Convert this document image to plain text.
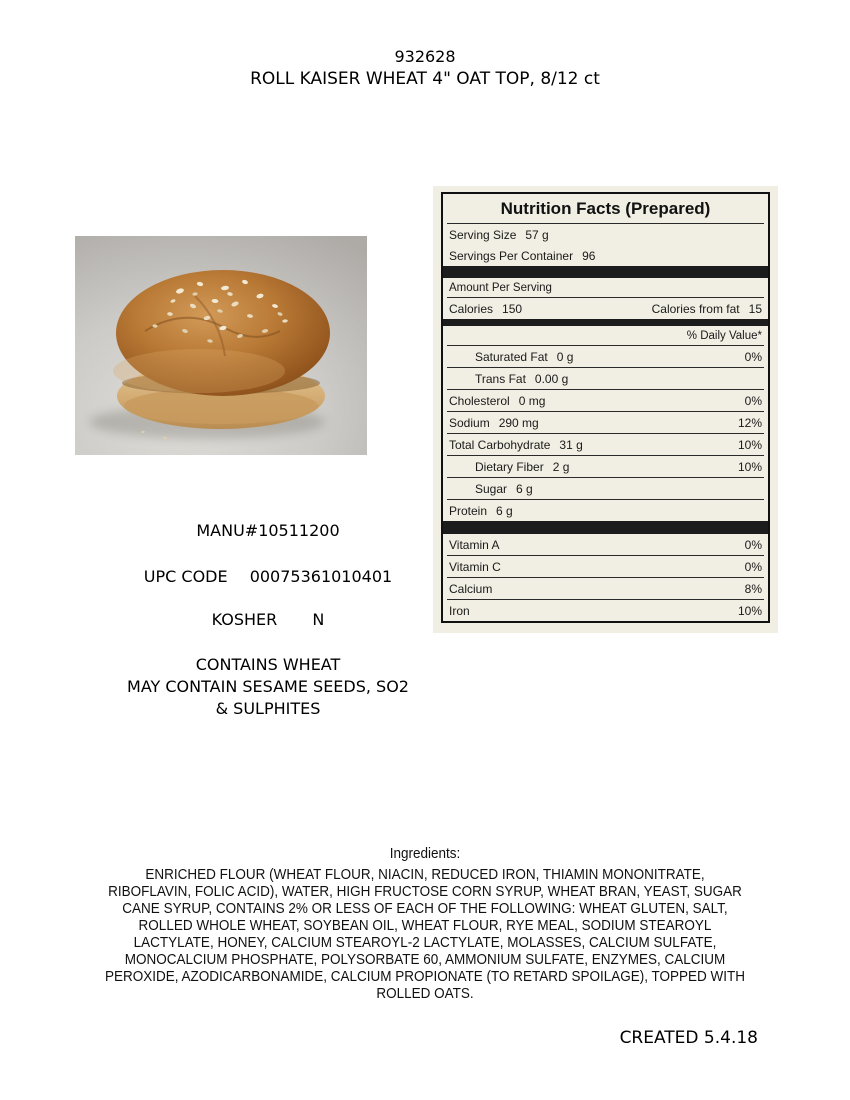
932628
ROLL KAISER WHEAT 4" OAT TOP, 8/12 ct
Nutrition Facts (Prepared)
Serving Size 57 g
Servings Per Container 96
Amount Per Serving
Calories 150	Calories from fat 15
% Daily Value*
Saturated Fat 0 g	0%
Trans Fat 0.00 g
Cholesterol 0 mg	0%
Sodium 290 mg	12%
Total Carbohydrate 31 g	10%
Dietary Fiber 2 g	10%
Sugar 6 g
Protein 6 g
Vitamin A	0%
Vitamin C	0%
Calcium	8%
Iron	10%
MANU#10511200
UPC CODE 00075361010401
KOSHER N
CONTAINS WHEAT
MAY CONTAIN SESAME SEEDS, SO2
& SULPHITES
Ingredients:
ENRICHED FLOUR (WHEAT FLOUR, NIACIN, REDUCED IRON, THIAMIN MONONITRATE,
RIBOFLAVIN, FOLIC ACID), WATER, HIGH FRUCTOSE CORN SYRUP, WHEAT BRAN, YEAST, SUGAR
CANE SYRUP, CONTAINS 2% OR LESS OF EACH OF THE FOLLOWING: WHEAT GLUTEN, SALT,
ROLLED WHOLE WHEAT, SOYBEAN OIL, WHEAT FLOUR, RYE MEAL, SODIUM STEAROYL
LACTYLATE, HONEY, CALCIUM STEAROYL-2 LACTYLATE, MOLASSES, CALCIUM SULFATE,
MONOCALCIUM PHOSPHATE, POLYSORBATE 60, AMMONIUM SULFATE, ENZYMES, CALCIUM
PEROXIDE, AZODICARBONAMIDE, CALCIUM PROPIONATE (TO RETARD SPOILAGE), TOPPED WITH
ROLLED OATS.
CREATED 5.4.18
